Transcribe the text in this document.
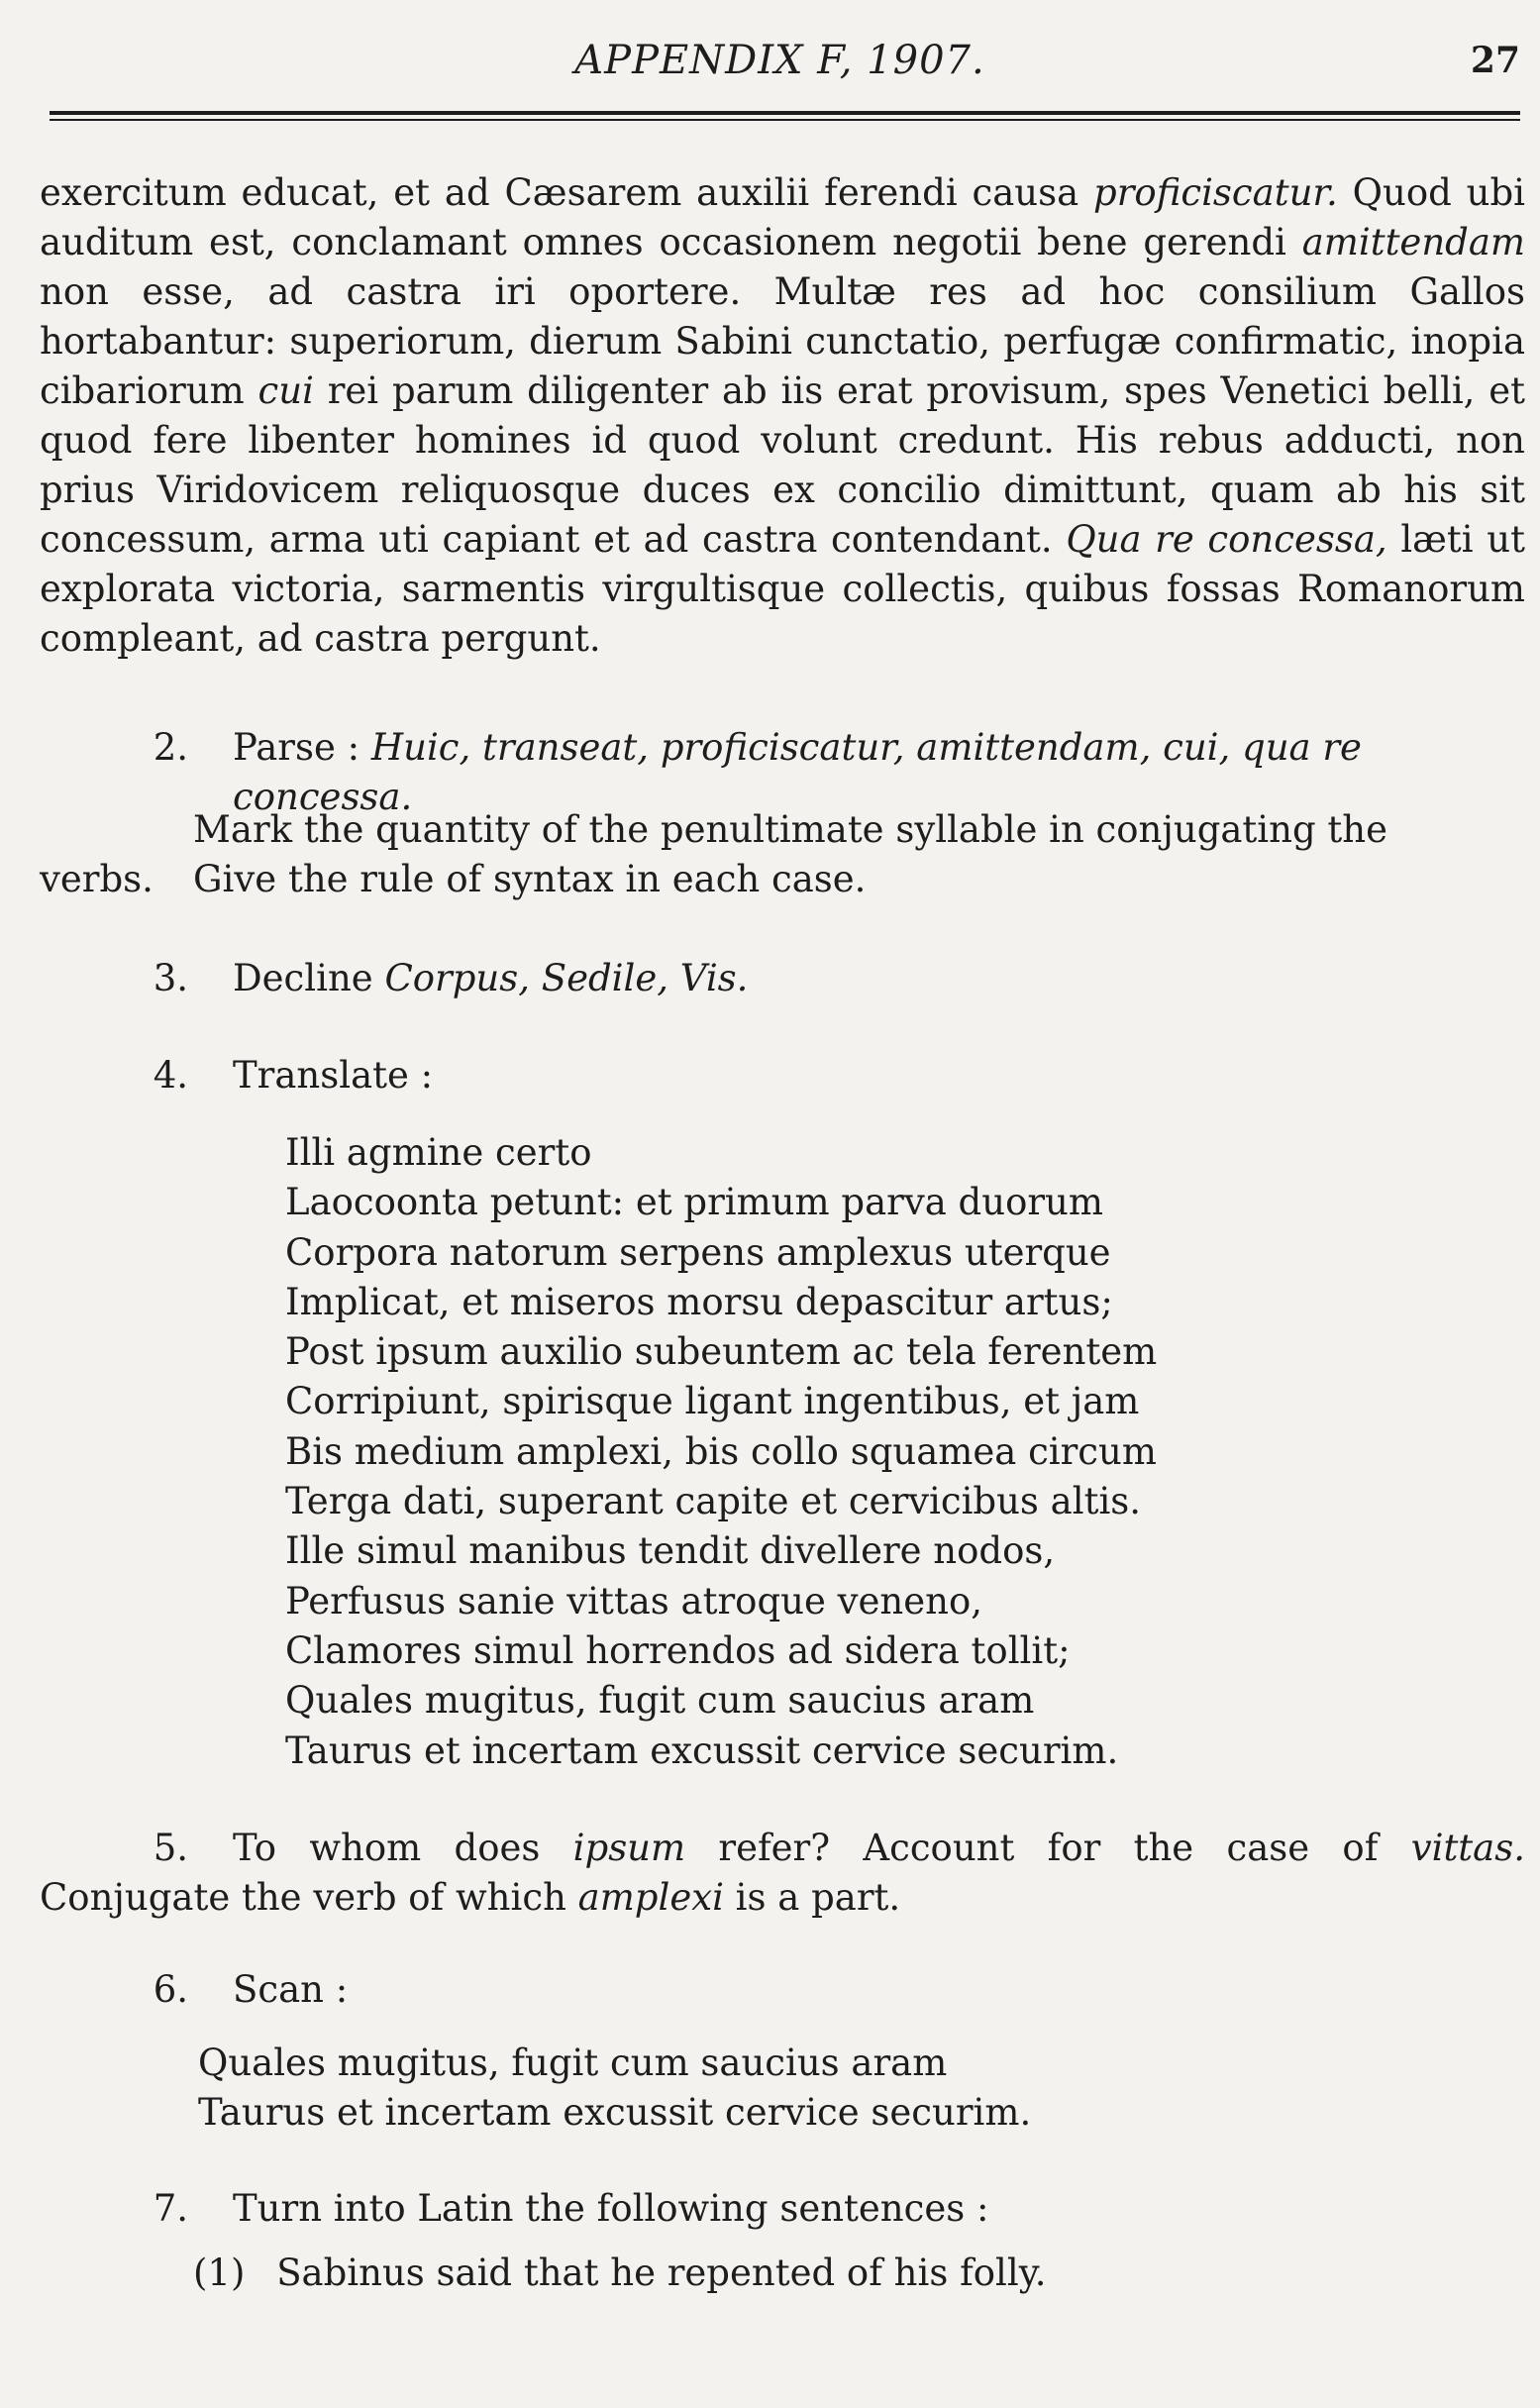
APPENDIX F, 1907.	27

exercitum educat, et ad Cæsarem auxilii ferendi causa proficiscatur. Quod ubi auditum est, conclamant omnes occasionem negotii bene gerendi amittendam non esse, ad castra iri oportere. Multæ res ad hoc consilium Gallos hortabantur: superiorum, dierum Sabini cunctatio, perfugæ confirmatic, inopia cibariorum cui rei parum diligenter ab iis erat provisum, spes Venetici belli, et quod fere libenter homines id quod volunt credunt. His rebus adducti, non prius Viridovicem reliquosque duces ex concilio dimittunt, quam ab his sit concessum, arma uti capiant et ad castra contendant. Qua re concessa, læti ut explorata victoria, sarmentis virgultisque collectis, quibus fossas Romanorum compleant, ad castra pergunt.

2. Parse : Huic, transeat, proficiscatur, amittendam, cui, qua re concessa.
Mark the quantity of the penultimate syllable in conjugating the
verbs. Give the rule of syntax in each case.
3. Decline Corpus, Sedile, Vis.
4. Translate :
Illi agmine certo
Laocoonta petunt: et primum parva duorum
Corpora natorum serpens amplexus uterque
Implicat, et miseros morsu depascitur artus;
Post ipsum auxilio subeuntem ac tela ferentem
Corripiunt, spirisque ligant ingentibus, et jam
Bis medium amplexi, bis collo squamea circum
Terga dati, superant capite et cervicibus altis.
Ille simul manibus tendit divellere nodos,
Perfusus sanie vittas atroque veneno,
Clamores simul horrendos ad sidera tollit;
Quales mugitus, fugit cum saucius aram
Taurus et incertam excussit cervice securim.
5. To whom does ipsum refer? Account for the case of vittas.
Conjugate the verb of which amplexi is a part.
6. Scan :
Quales mugitus, fugit cum saucius aram
Taurus et incertam excussit cervice securim.
7. Turn into Latin the following sentences :
(1) Sabinus said that he repented of his folly.
